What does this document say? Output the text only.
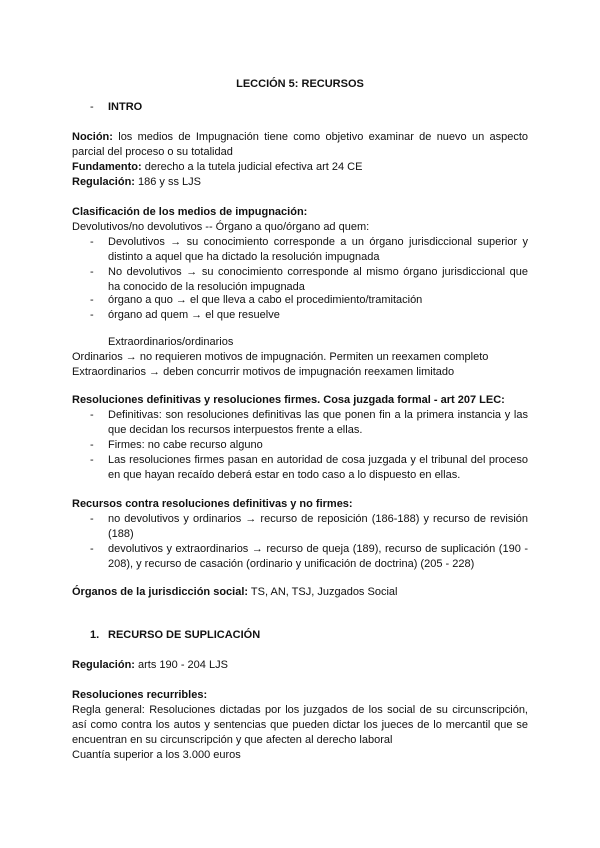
LECCIÓN 5: RECURSOS
- INTRO
Noción: los medios de Impugnación tiene como objetivo examinar de nuevo un aspecto parcial del proceso o su totalidad
Fundamento: derecho a la tutela judicial efectiva art 24 CE
Regulación: 186 y ss LJS
Clasificación de los medios de impugnación:
Devolutivos/no devolutivos -- Órgano a quo/órgano ad quem:
- Devolutivos → su conocimiento corresponde a un órgano jurisdiccional superior y distinto a aquel que ha dictado la resolución impugnada
- No devolutivos → su conocimiento corresponde al mismo órgano jurisdiccional que ha conocido de la resolución impugnada
- órgano a quo → el que lleva a cabo el procedimiento/tramitación
- órgano ad quem → el que resuelve
Extraordinarios/ordinarios
Ordinarios → no requieren motivos de impugnación. Permiten un reexamen completo
Extraordinarios → deben concurrir motivos de impugnación reexamen limitado
Resoluciones definitivas y resoluciones firmes. Cosa juzgada formal - art 207 LEC:
- Definitivas: son resoluciones definitivas las que ponen fin a la primera instancia y las que decidan los recursos interpuestos frente a ellas.
- Firmes: no cabe recurso alguno
- Las resoluciones firmes pasan en autoridad de cosa juzgada y el tribunal del proceso en que hayan recaído deberá estar en todo caso a lo dispuesto en ellas.
Recursos contra resoluciones definitivas y no firmes:
- no devolutivos y ordinarios → recurso de reposición (186-188) y recurso de revisión (188)
- devolutivos y extraordinarios → recurso de queja (189), recurso de suplicación (190 - 208), y recurso de casación (ordinario y unificación de doctrina) (205 - 228)
Órganos de la jurisdicción social: TS, AN, TSJ, Juzgados Social
1. RECURSO DE SUPLICACIÓN
Regulación: arts 190 - 204 LJS
Resoluciones recurribles:
Regla general: Resoluciones dictadas por los juzgados de los social de su circunscripción, así como contra los autos y sentencias que pueden dictar los jueces de lo mercantil que se encuentran en su circunscripción y que afecten al derecho laboral
Cuantía superior a los 3.000 euros
